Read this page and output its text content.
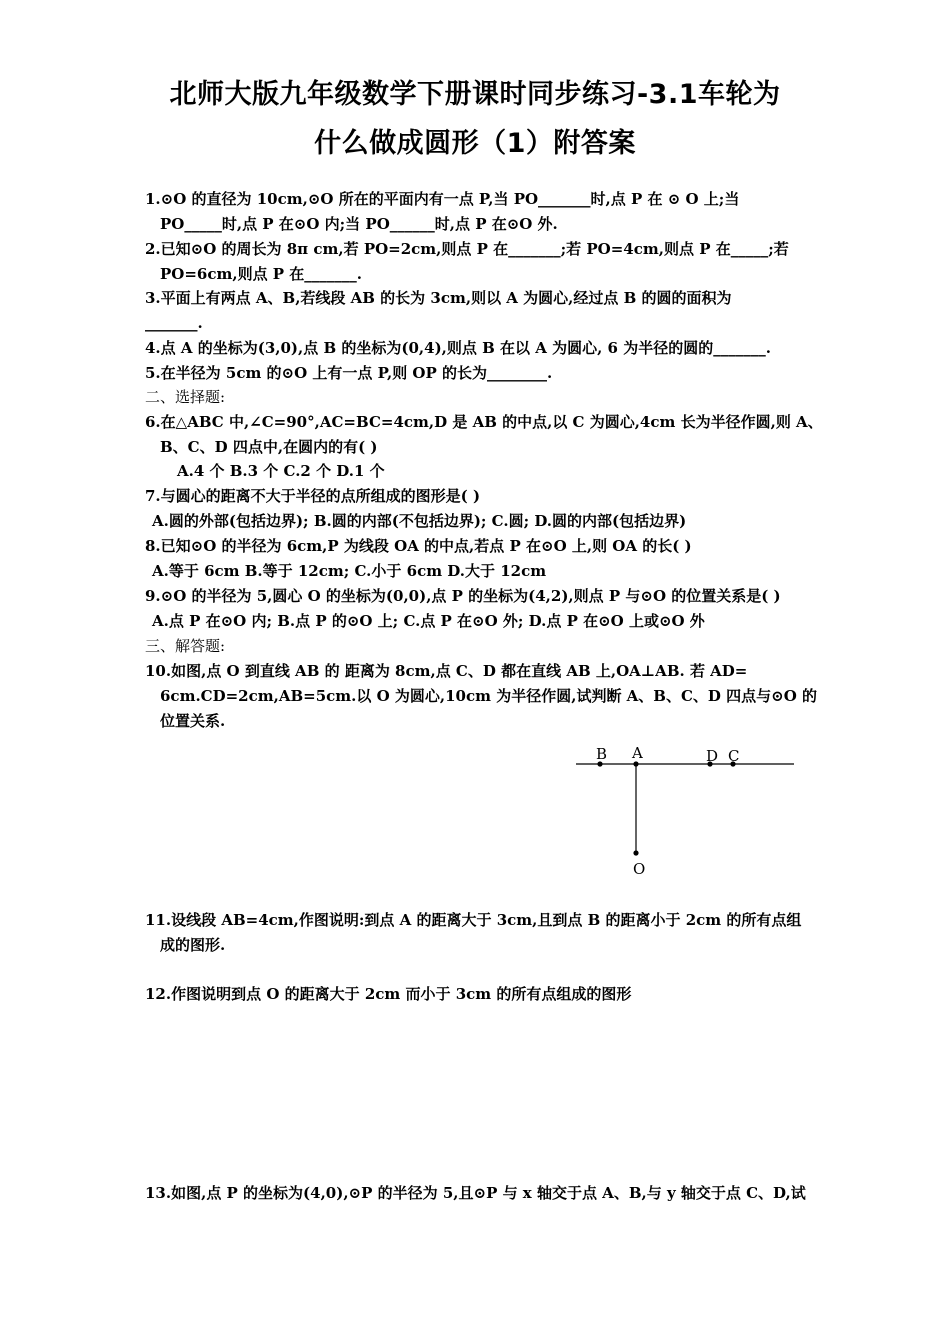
北师大版九年级数学下册课时同步练习-3.1车轮为
什么做成圆形（1）附答案
1.⊙O 的直径为 10cm,⊙O 所在的平面内有一点 P,当 PO_______时,点 P 在 ⊙ O 上;当
PO_____时,点 P 在⊙O 内;当 PO______时,点 P 在⊙O 外.
2.已知⊙O 的周长为 8π cm,若 PO=2cm,则点 P 在_______;若 PO=4cm,则点 P 在_____;若
PO=6cm,则点 P 在_______.
3.平面上有两点 A、B,若线段 AB 的长为 3cm,则以 A 为圆心,经过点 B 的圆的面积为
_______.
4.点 A 的坐标为(3,0),点 B 的坐标为(0,4),则点 B 在以 A 为圆心, 6 为半径的圆的_______.
5.在半径为 5cm 的⊙O 上有一点 P,则 OP 的长为________.
二、选择题:
6.在△ABC 中,∠C=90°,AC=BC=4cm,D 是 AB 的中点,以 C 为圆心,4cm 长为半径作圆,则 A、
B、C、D 四点中,在圆内的有( )
A.4 个 B.3 个 C.2 个 D.1 个
7.与圆心的距离不大于半径的点所组成的图形是( )
A.圆的外部(包括边界); B.圆的内部(不包括边界); C.圆; D.圆的内部(包括边界)
8.已知⊙O 的半径为 6cm,P 为线段 OA 的中点,若点 P 在⊙O 上,则 OA 的长( )
A.等于 6cm B.等于 12cm; C.小于 6cm D.大于 12cm
9.⊙O 的半径为 5,圆心 O 的坐标为(0,0),点 P 的坐标为(4,2),则点 P 与⊙O 的位置关系是( )
A.点 P 在⊙O 内; B.点 P 的⊙O 上; C.点 P 在⊙O 外; D.点 P 在⊙O 上或⊙O 外
三、解答题:
10.如图,点 O 到直线 AB 的 距离为 8cm,点 C、D 都在直线 AB 上,OA⊥AB. 若 AD=
6cm.CD=2cm,AB=5cm.以 O 为圆心,10cm 为半径作圆,试判断 A、B、C、D 四点与⊙O 的
位置关系.
B A	D C
O
11.设线段 AB=4cm,作图说明:到点 A 的距离大于 3cm,且到点 B 的距离小于 2cm 的所有点组
成的图形.
12.作图说明到点 O 的距离大于 2cm 而小于 3cm 的所有点组成的图形
13.如图,点 P 的坐标为(4,0),⊙P 的半径为 5,且⊙P 与 x 轴交于点 A、B,与 y 轴交于点 C、D,试
